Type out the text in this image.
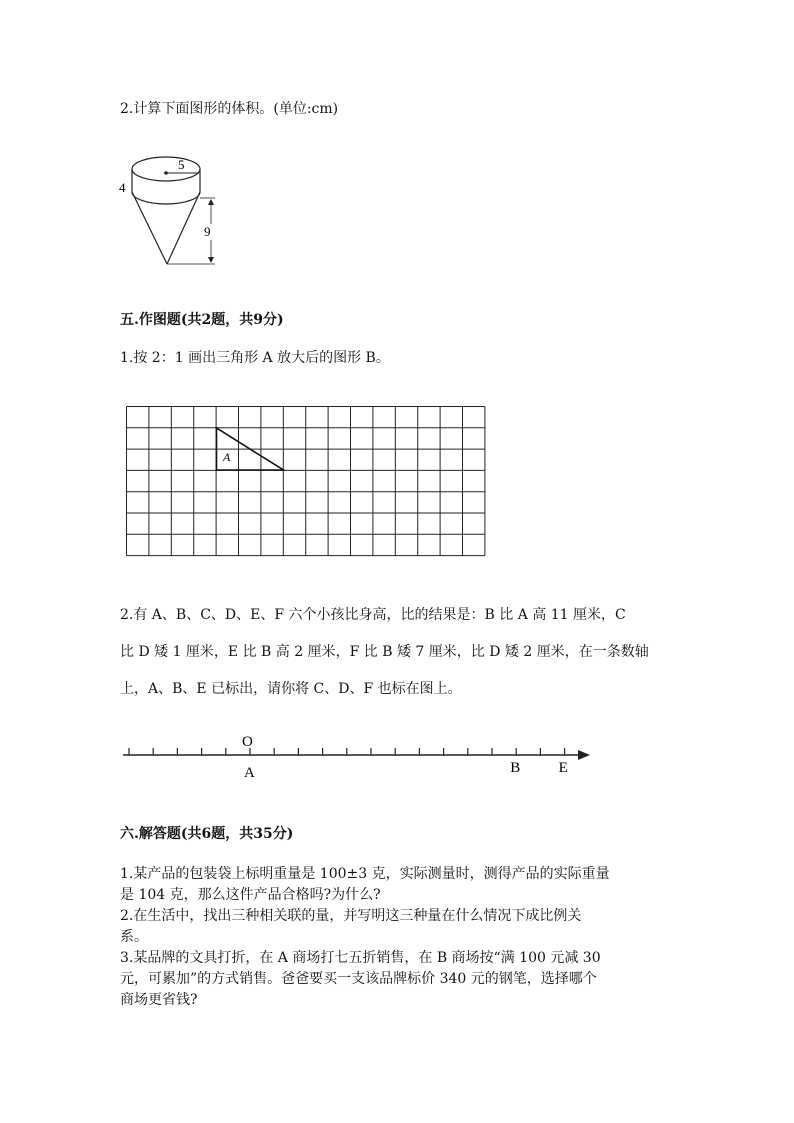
2.计算下面图形的体积。(单位:cm)
5
4
9
五.作图题(共2题，共9分)
1.按 2：1 画出三角形 A 放大后的图形 B。
A
2.有 A、B、C、D、E、F 六个小孩比身高，比的结果是：B 比 A 高 11 厘米，C
比 D 矮 1 厘米，E 比 B 高 2 厘米，F 比 B 矮 7 厘米，比 D 矮 2 厘米，在一条数轴
上，A、B、E 已标出，请你将 C、D、F 也标在图上。
O
A	B	E
六.解答题(共6题，共35分)
1.某产品的包装袋上标明重量是 100±3 克，实际测量时，测得产品的实际重量
是 104 克，那么这件产品合格吗?为什么?
2.在生活中，找出三种相关联的量，并写明这三种量在什么情况下成比例关
系。
3.某品牌的文具打折，在 A 商场打七五折销售，在 B 商场按“满 100 元减 30
元，可累加”的方式销售。爸爸要买一支该品牌标价 340 元的钢笔，选择哪个
商场更省钱?
